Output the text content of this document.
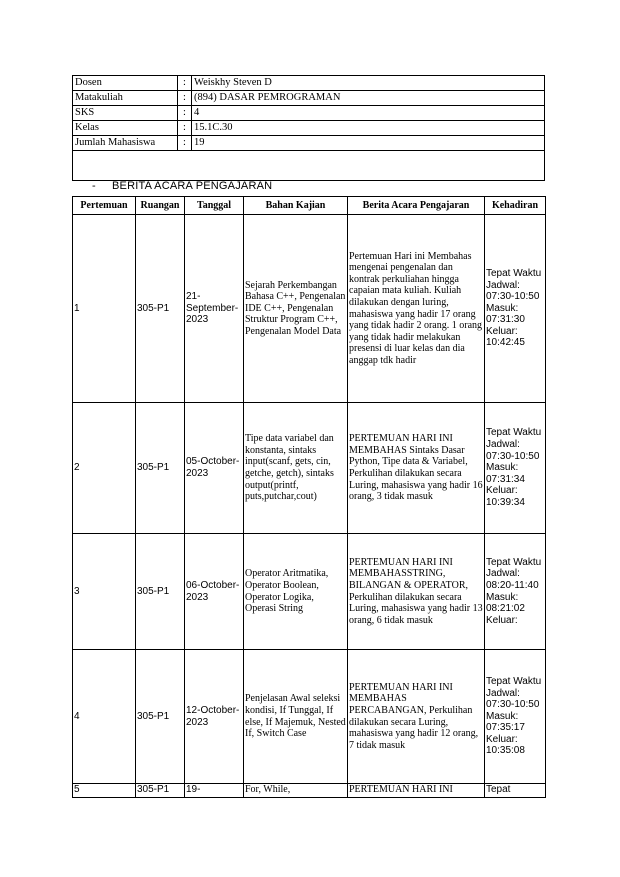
Dosen	:	Weiskhy Steven D
Matakuliah	:	(894) DASAR PEMROGRAMAN
SKS	:	4
Kelas	:	15.1C.30
Jumlah Mahasiswa	:	19

- BERITA ACARA PENGAJARAN
Pertemuan	Ruangan	Tanggal	Bahan Kajian	Berita Acara Pengajaran	Kehadiran
1	305-P1	21-September-2023	Sejarah Perkembangan Bahasa C++, Pengenalan IDE C++, Pengenalan Struktur Program C++, Pengenalan Model Data	Pertemuan Hari ini Membahas mengenai pengenalan dan kontrak perkuliahan hingga capaian mata kuliah. Kuliah dilakukan dengan luring, mahasiswa yang hadir 17 orang yang tidak hadir 2 orang. 1 orang yang tidak hadir melakukan presensi di luar kelas dan dia anggap tdk hadir	Tepat Waktu Jadwal: 07:30-10:50 Masuk: 07:31:30 Keluar: 10:42:45
2	305-P1	05-October-2023	Tipe data variabel dan konstanta, sintaks input(scanf, gets, cin, getche, getch), sintaks output(printf, puts,putchar,cout)	PERTEMUAN HARI INI MEMBAHAS Sintaks Dasar Python, Tipe data & Variabel, Perkulihan dilakukan secara Luring, mahasiswa yang hadir 16 orang, 3 tidak masuk	Tepat Waktu Jadwal: 07:30-10:50 Masuk: 07:31:34 Keluar: 10:39:34
3	305-P1	06-October-2023	Operator Aritmatika, Operator Boolean, Operator Logika, Operasi String	PERTEMUAN HARI INI MEMBAHASSTRING, BILANGAN & OPERATOR, Perkulihan dilakukan secara Luring, mahasiswa yang hadir 13 orang, 6 tidak masuk	Tepat Waktu Jadwal: 08:20-11:40 Masuk: 08:21:02 Keluar:
4	305-P1	12-October-2023	Penjelasan Awal seleksi kondisi, If Tunggal, If else, If Majemuk, Nested If, Switch Case	PERTEMUAN HARI INI MEMBAHAS PERCABANGAN, Perkulihan dilakukan secara Luring, mahasiswa yang hadir 12 orang, 7 tidak masuk	Tepat Waktu Jadwal: 07:30-10:50 Masuk: 07:35:17 Keluar: 10:35:08
5	305-P1	19-	For, While,	PERTEMUAN HARI INI	Tepat
